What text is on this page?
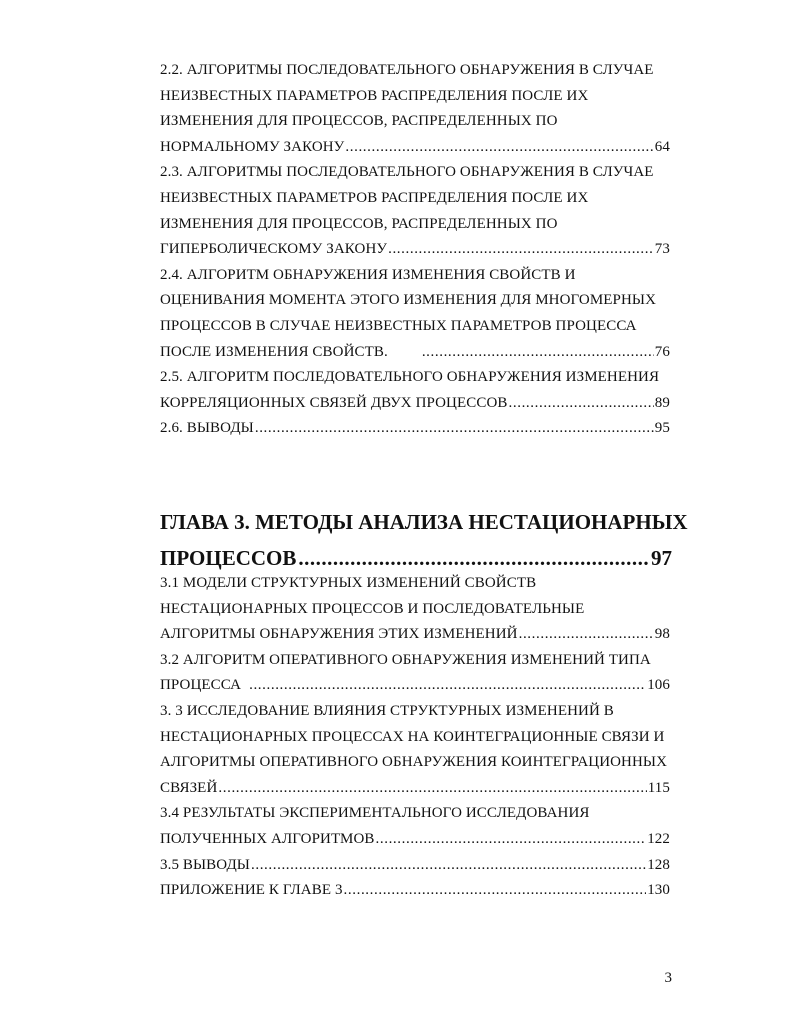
2.2. АЛГОРИТМЫ ПОСЛЕДОВАТЕЛЬНОГО ОБНАРУЖЕНИЯ В СЛУЧАЕ
НЕИЗВЕСТНЫХ ПАРАМЕТРОВ РАСПРЕДЕЛЕНИЯ ПОСЛЕ ИХ
ИЗМЕНЕНИЯ ДЛЯ ПРОЦЕССОВ, РАСПРЕДЕЛЕННЫХ ПО
НОРМАЛЬНОМУ ЗАКОНУ .....	64
2.3. АЛГОРИТМЫ ПОСЛЕДОВАТЕЛЬНОГО ОБНАРУЖЕНИЯ В СЛУЧАЕ
НЕИЗВЕСТНЫХ ПАРАМЕТРОВ РАСПРЕДЕЛЕНИЯ ПОСЛЕ ИХ
ИЗМЕНЕНИЯ ДЛЯ ПРОЦЕССОВ, РАСПРЕДЕЛЕННЫХ ПО
ГИПЕРБОЛИЧЕСКОМУ ЗАКОНУ .....	73
2.4. АЛГОРИТМ ОБНАРУЖЕНИЯ ИЗМЕНЕНИЯ СВОЙСТВ И
ОЦЕНИВАНИЯ МОМЕНТА ЭТОГО ИЗМЕНЕНИЯ ДЛЯ МНОГОМЕРНЫХ
ПРОЦЕССОВ В СЛУЧАЕ НЕИЗВЕСТНЫХ ПАРАМЕТРОВ ПРОЦЕССА
ПОСЛЕ ИЗМЕНЕНИЯ СВОЙСТВ. .....	76
2.5. АЛГОРИТМ ПОСЛЕДОВАТЕЛЬНОГО ОБНАРУЖЕНИЯ ИЗМЕНЕНИЯ
КОРРЕЛЯЦИОННЫХ СВЯЗЕЙ ДВУХ ПРОЦЕССОВ .....	89
2.6. ВЫВОДЫ .....	95
ГЛАВА 3. МЕТОДЫ АНАЛИЗА НЕСТАЦИОНАРНЫХ
ПРОЦЕССОВ .....	97
3.1 МОДЕЛИ СТРУКТУРНЫХ ИЗМЕНЕНИЙ СВОЙСТВ
НЕСТАЦИОНАРНЫХ ПРОЦЕССОВ И ПОСЛЕДОВАТЕЛЬНЫЕ
АЛГОРИТМЫ ОБНАРУЖЕНИЯ ЭТИХ ИЗМЕНЕНИЙ .....	98
3.2 АЛГОРИТМ ОПЕРАТИВНОГО ОБНАРУЖЕНИЯ ИЗМЕНЕНИЙ ТИПА
ПРОЦЕССА .....	106
3. 3 ИССЛЕДОВАНИЕ ВЛИЯНИЯ СТРУКТУРНЫХ ИЗМЕНЕНИЙ В
НЕСТАЦИОНАРНЫХ ПРОЦЕССАХ НА КОИНТЕГРАЦИОННЫЕ СВЯЗИ И
АЛГОРИТМЫ ОПЕРАТИВНОГО ОБНАРУЖЕНИЯ КОИНТЕГРАЦИОННЫХ
СВЯЗЕЙ .....	115
3.4 РЕЗУЛЬТАТЫ ЭКСПЕРИМЕНТАЛЬНОГО ИССЛЕДОВАНИЯ
ПОЛУЧЕННЫХ АЛГОРИТМОВ .....	122
3.5 ВЫВОДЫ .....	128
ПРИЛОЖЕНИЕ К ГЛАВЕ 3 .....	130
3
